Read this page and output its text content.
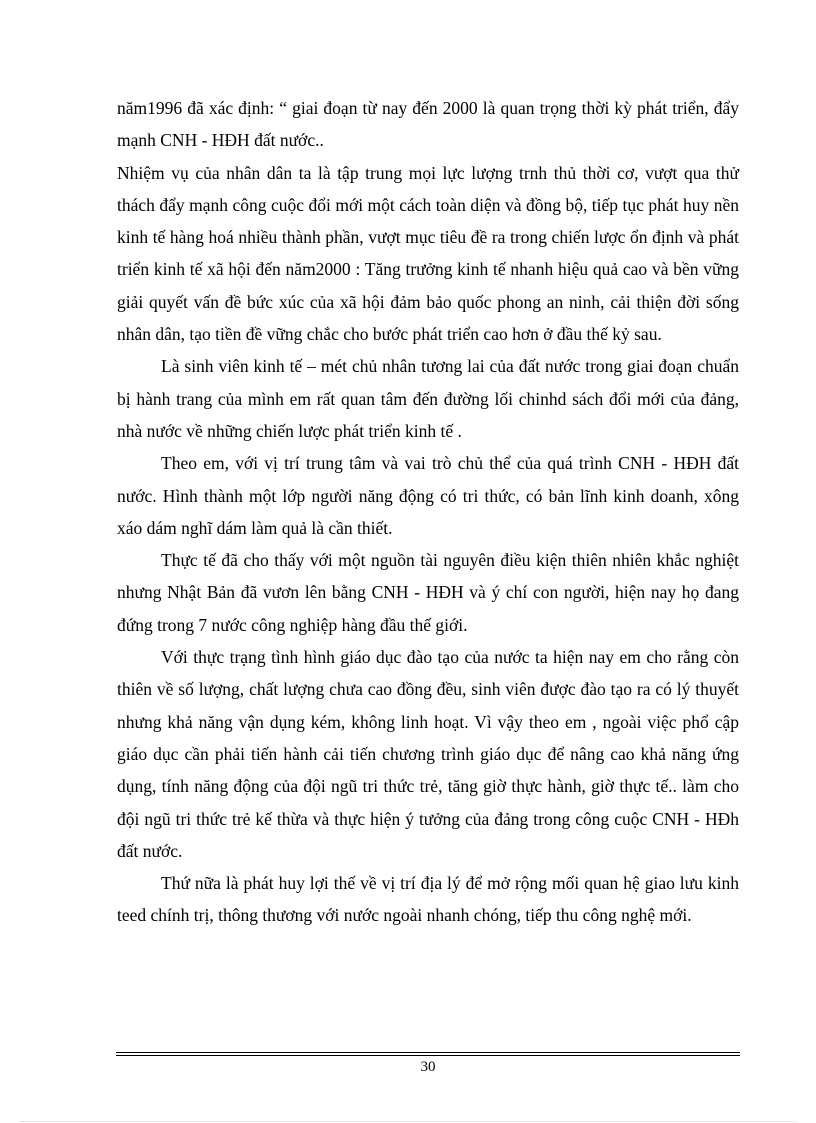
năm1996 đã xác định: “ giai đoạn từ nay đến 2000 là quan trọng thời kỳ phát triển, đẩy mạnh CNH - HĐH đất nước..

Nhiệm vụ của nhân dân ta là tập trung mọi lực lượng trnh thủ thời cơ, vượt qua thử thách đẩy mạnh công cuộc đổi mới một cách toàn diện và đồng bộ, tiếp tục phát huy nền kinh tế hàng hoá nhiều thành phần, vượt mục tiêu đề ra trong chiến lược ổn định và phát triển kinh tế xã hội đến năm2000 : Tăng trưởng kinh tế nhanh hiệu quả cao và bền vững giải quyết vấn đề bức xúc của xã hội đảm bảo quốc phong an ninh, cải thiện đời sống nhân dân, tạo tiền đề vững chắc cho bước phát triển cao hơn ở đầu thế kỷ sau.

Là sinh viên kinh tế – mét chủ nhân tương lai của đất nước trong giai đoạn chuẩn bị hành trang của mình em rất quan tâm đến đường lối chinhd sách đổi mới của đảng, nhà nước về những chiến lược phát triển kinh tế .

Theo em, với vị trí trung tâm và vai trò chủ thể của quá trình CNH - HĐH đất nước. Hình thành một lớp người năng động có tri thức, có bản lĩnh kinh doanh, xông xáo dám nghĩ dám làm quả là cần thiết.

Thực tế đã cho thấy với một nguồn tài nguyên điều kiện thiên nhiên khắc nghiệt nhưng Nhật Bản đã vươn lên bằng CNH - HĐH và ý chí con người, hiện nay họ đang đứng trong 7 nước công nghiệp hàng đầu thế giới.

Với thực trạng tình hình giáo dục đào tạo của nước ta hiện nay em cho rằng còn thiên về số lượng, chất lượng chưa cao đồng đều, sinh viên được đào tạo ra có lý thuyết nhưng khả năng vận dụng kém, không linh hoạt. Vì vậy theo em , ngoài việc phổ cập giáo dục cần phải tiến hành cải tiến chương trình giáo dục để nâng cao khả năng ứng dụng, tính năng động của đội ngũ tri thức trẻ, tăng giờ thực hành, giờ thực tế.. làm cho đội ngũ tri thức trẻ kế thừa và thực hiện ý tưởng của đảng trong công cuộc CNH - HĐh đất nước.

Thứ nữa là phát huy lợi thế về vị trí địa lý để mở rộng mối quan hệ giao lưu kinh teed chính trị, thông thương với nước ngoài nhanh chóng, tiếp thu công nghệ mới.

30
